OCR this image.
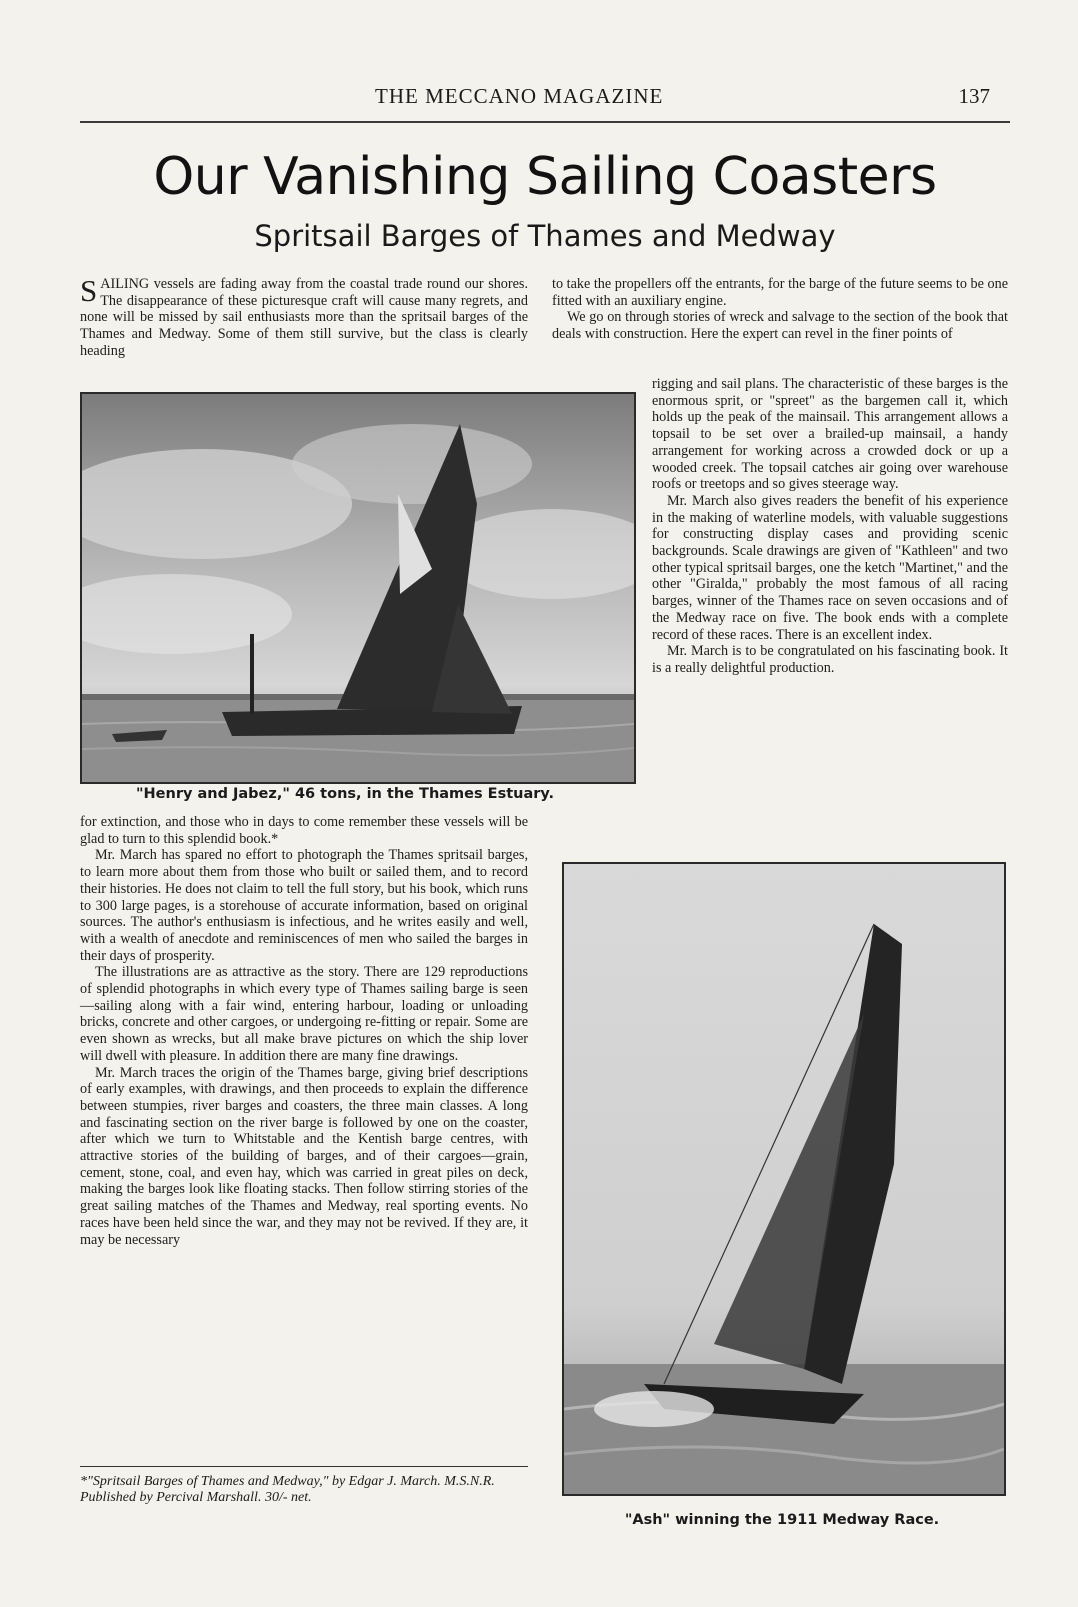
THE MECCANO MAGAZINE	137
Our Vanishing Sailing Coasters
Spritsail Barges of Thames and Medway

SAILING vessels are fading away from the coastal trade round our shores. The disappearance of these picturesque craft will cause many regrets, and none will be missed by sail enthusiasts more than the spritsail barges of the Thames and Medway. Some of them still survive, but the class is clearly heading

to take the propellers off the entrants, for the barge of the future seems to be one fitted with an auxiliary engine.

We go on through stories of wreck and salvage to the section of the book that deals with construction. Here the expert can revel in the finer points of

"Henry and Jabez," 46 tons, in the Thames Estuary.

rigging and sail plans. The characteristic of these barges is the enormous sprit, or "spreet" as the bargemen call it, which holds up the peak of the mainsail. This arrangement allows a topsail to be set over a brailed-up mainsail, a handy arrangement for working across a crowded dock or up a wooded creek. The topsail catches air going over warehouse roofs or treetops and so gives steerage way.

Mr. March also gives readers the benefit of his experience in the making of waterline models, with valuable suggestions for constructing display cases and providing scenic backgrounds. Scale drawings are given of "Kathleen" and two other typical spritsail barges, one the ketch "Martinet," and the other "Giralda," probably the most famous of all racing barges, winner of the Thames race on seven occasions and of the Medway race on five. The book ends with a complete record of these races. There is an excellent index.

Mr. March is to be congratulated on his fascinating book. It is a really delightful production.

for extinction, and those who in days to come remember these vessels will be glad to turn to this splendid book.*

Mr. March has spared no effort to photograph the Thames spritsail barges, to learn more about them from those who built or sailed them, and to record their histories. He does not claim to tell the full story, but his book, which runs to 300 large pages, is a storehouse of accurate information, based on original sources. The author's enthusiasm is infectious, and he writes easily and well, with a wealth of anecdote and reminiscences of men who sailed the barges in their days of prosperity.

The illustrations are as attractive as the story. There are 129 reproductions of splendid photographs in which every type of Thames sailing barge is seen—sailing along with a fair wind, entering harbour, loading or unloading bricks, concrete and other cargoes, or undergoing re-fitting or repair. Some are even shown as wrecks, but all make brave pictures on which the ship lover will dwell with pleasure. In addition there are many fine drawings.

Mr. March traces the origin of the Thames barge, giving brief descriptions of early examples, with drawings, and then proceeds to explain the difference between stumpies, river barges and coasters, the three main classes. A long and fascinating section on the river barge is followed by one on the coaster, after which we turn to Whitstable and the Kentish barge centres, with attractive stories of the building of barges, and of their cargoes—grain, cement, stone, coal, and even hay, which was carried in great piles on deck, making the barges look like floating stacks. Then follow stirring stories of the great sailing matches of the Thames and Medway, real sporting events. No races have been held since the war, and they may not be revived. If they are, it may be necessary

*"Spritsail Barges of Thames and Medway," by Edgar J. March. M.S.N.R. Published by Percival Marshall. 30/- net.
"Ash" winning the 1911 Medway Race.
